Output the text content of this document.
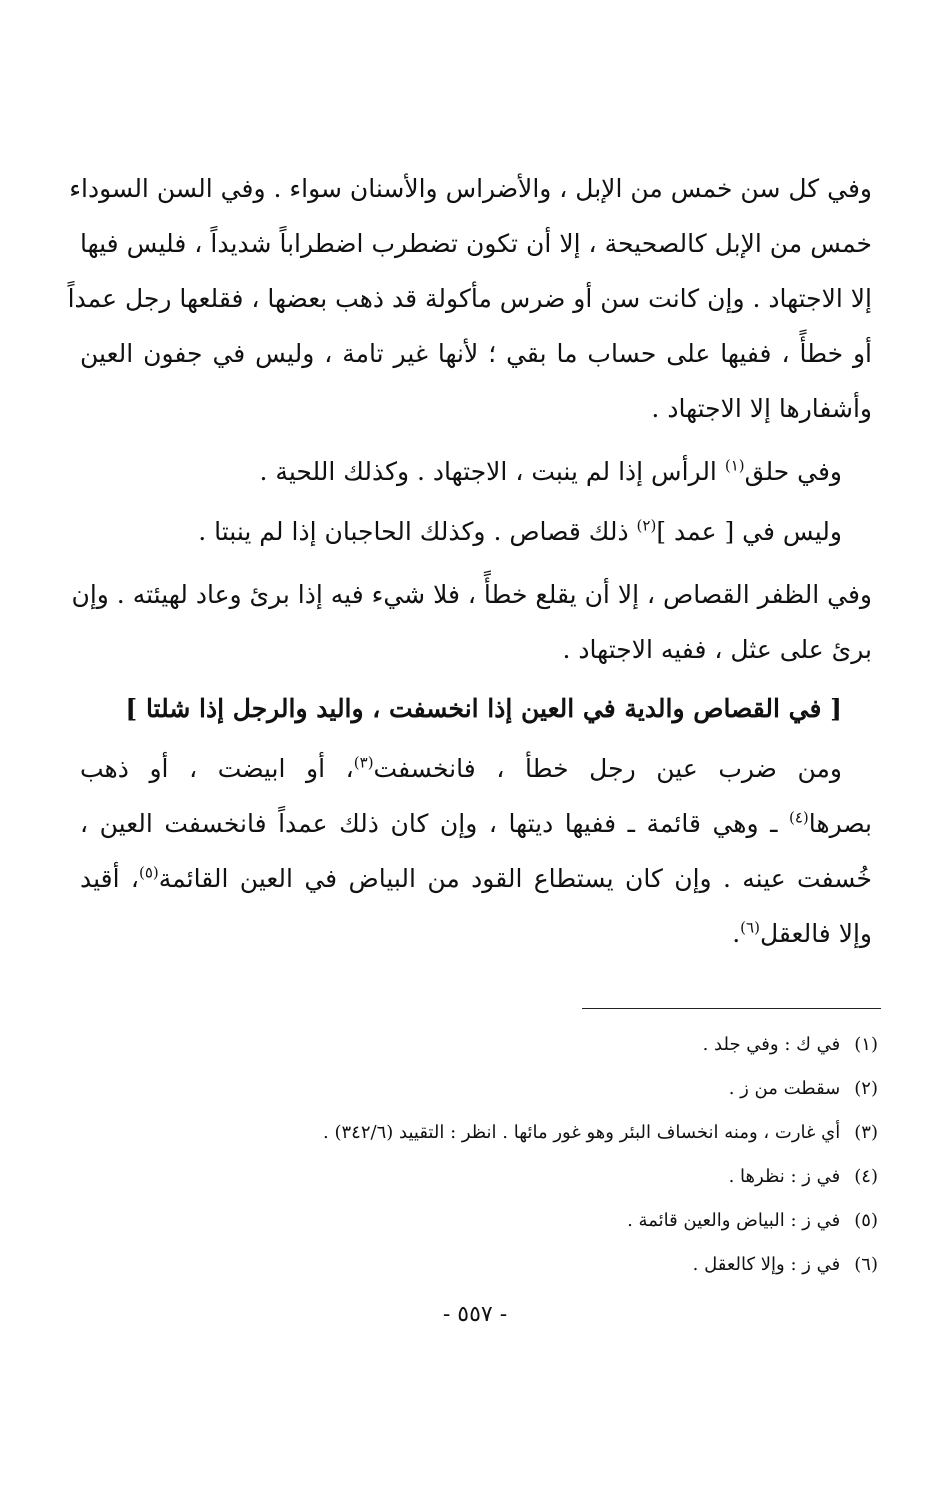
وفي كل سن خمس من الإبل ، والأضراس والأسنان سواء . وفي السن السوداء
خمس من الإبل كالصحيحة ، إلا أن تكون تضطرب اضطراباً شديداً ، فليس فيها
إلا الاجتهاد . وإن كانت سن أو ضرس مأكولة قد ذهب بعضها ، فقلعها رجل عمداً
أو خطأً ، ففيها على حساب ما بقي ؛ لأنها غير تامة ، وليس في جفون العين
وأشفارها إلا الاجتهاد .
وفي حلق$^{(١)}$ الرأس إذا لم ينبت ، الاجتهاد . وكذلك اللحية .
وليس في [ عمد ]$^{(٢)}$ ذلك قصاص . وكذلك الحاجبان إذا لم ينبتا .
وفي الظفر القصاص ، إلا أن يقلع خطأً ، فلا شيء فيه إذا برئ وعاد لهيئته . وإن
برئ على عثل ، ففيه الاجتهاد .
[ في القصاص والدية في العين إذا انخسفت ، واليد والرجل إذا شلتا ]
ومن ضرب عين رجل خطأ ، فانخسفت$^{(٣)}$، أو ابيضت ، أو ذهب
بصرها$^{(٤)}$ ـ وهي قائمة ـ ففيها ديتها ، وإن كان ذلك عمداً فانخسفت العين ،
خُسفت عينه . وإن كان يستطاع القود من البياض في العين القائمة$^{(٥)}$، أقيد
وإلا فالعقل$^{(٦)}$.
(١)في ك : وفي جلد .
(٢)سقطت من ز .
(٣)أي غارت ، ومنه انخساف البئر وهو غور مائها . انظر : التقييد (٣٤٢/٦) .
(٤)في ز : نظرها .
(٥)في ز : البياض والعين قائمة .
(٦)في ز : وإلا كالعقل .
- ٥٥٧ -
